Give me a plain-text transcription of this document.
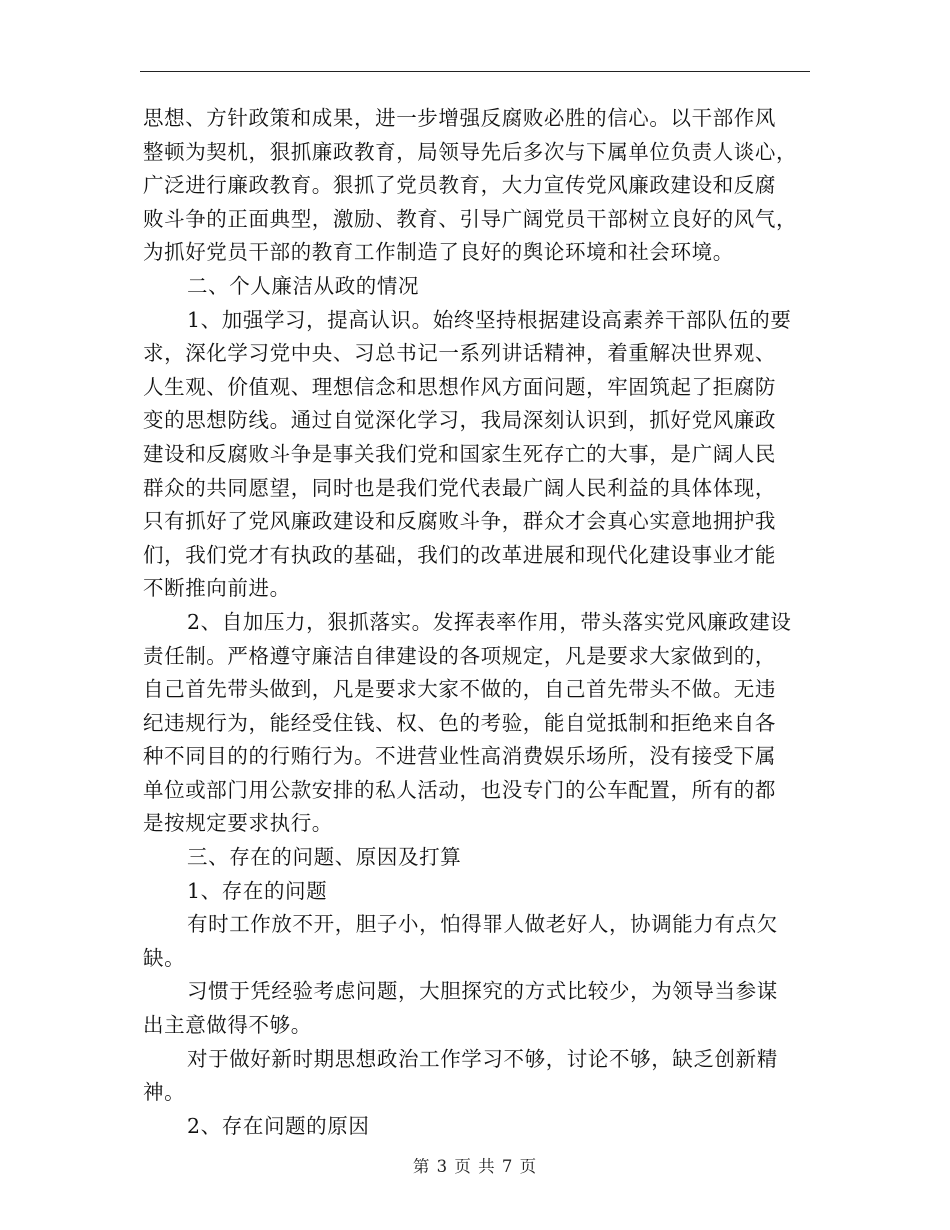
思想、方针政策和成果，进一步增强反腐败必胜的信心。以干部作风
整顿为契机，狠抓廉政教育，局领导先后多次与下属单位负责人谈心，
广泛进行廉政教育。狠抓了党员教育，大力宣传党风廉政建设和反腐
败斗争的正面典型，激励、教育、引导广阔党员干部树立良好的风气，
为抓好党员干部的教育工作制造了良好的舆论环境和社会环境。
二、个人廉洁从政的情况
1、加强学习，提高认识。始终坚持根据建设高素养干部队伍的要
求，深化学习党中央、习总书记一系列讲话精神，着重解决世界观、
人生观、价值观、理想信念和思想作风方面问题，牢固筑起了拒腐防
变的思想防线。通过自觉深化学习，我局深刻认识到，抓好党风廉政
建设和反腐败斗争是事关我们党和国家生死存亡的大事，是广阔人民
群众的共同愿望，同时也是我们党代表最广阔人民利益的具体体现，
只有抓好了党风廉政建设和反腐败斗争，群众才会真心实意地拥护我
们，我们党才有执政的基础，我们的改革进展和现代化建设事业才能
不断推向前进。
2、自加压力，狠抓落实。发挥表率作用，带头落实党风廉政建设
责任制。严格遵守廉洁自律建设的各项规定，凡是要求大家做到的，
自己首先带头做到，凡是要求大家不做的，自己首先带头不做。无违
纪违规行为，能经受住钱、权、色的考验，能自觉抵制和拒绝来自各
种不同目的的行贿行为。不进营业性高消费娱乐场所，没有接受下属
单位或部门用公款安排的私人活动，也没专门的公车配置，所有的都
是按规定要求执行。
三、存在的问题、原因及打算
1、存在的问题
有时工作放不开，胆子小，怕得罪人做老好人，协调能力有点欠
缺。
习惯于凭经验考虑问题，大胆探究的方式比较少，为领导当参谋
出主意做得不够。
对于做好新时期思想政治工作学习不够，讨论不够，缺乏创新精
神。
2、存在问题的原因
第 3 页 共 7 页
